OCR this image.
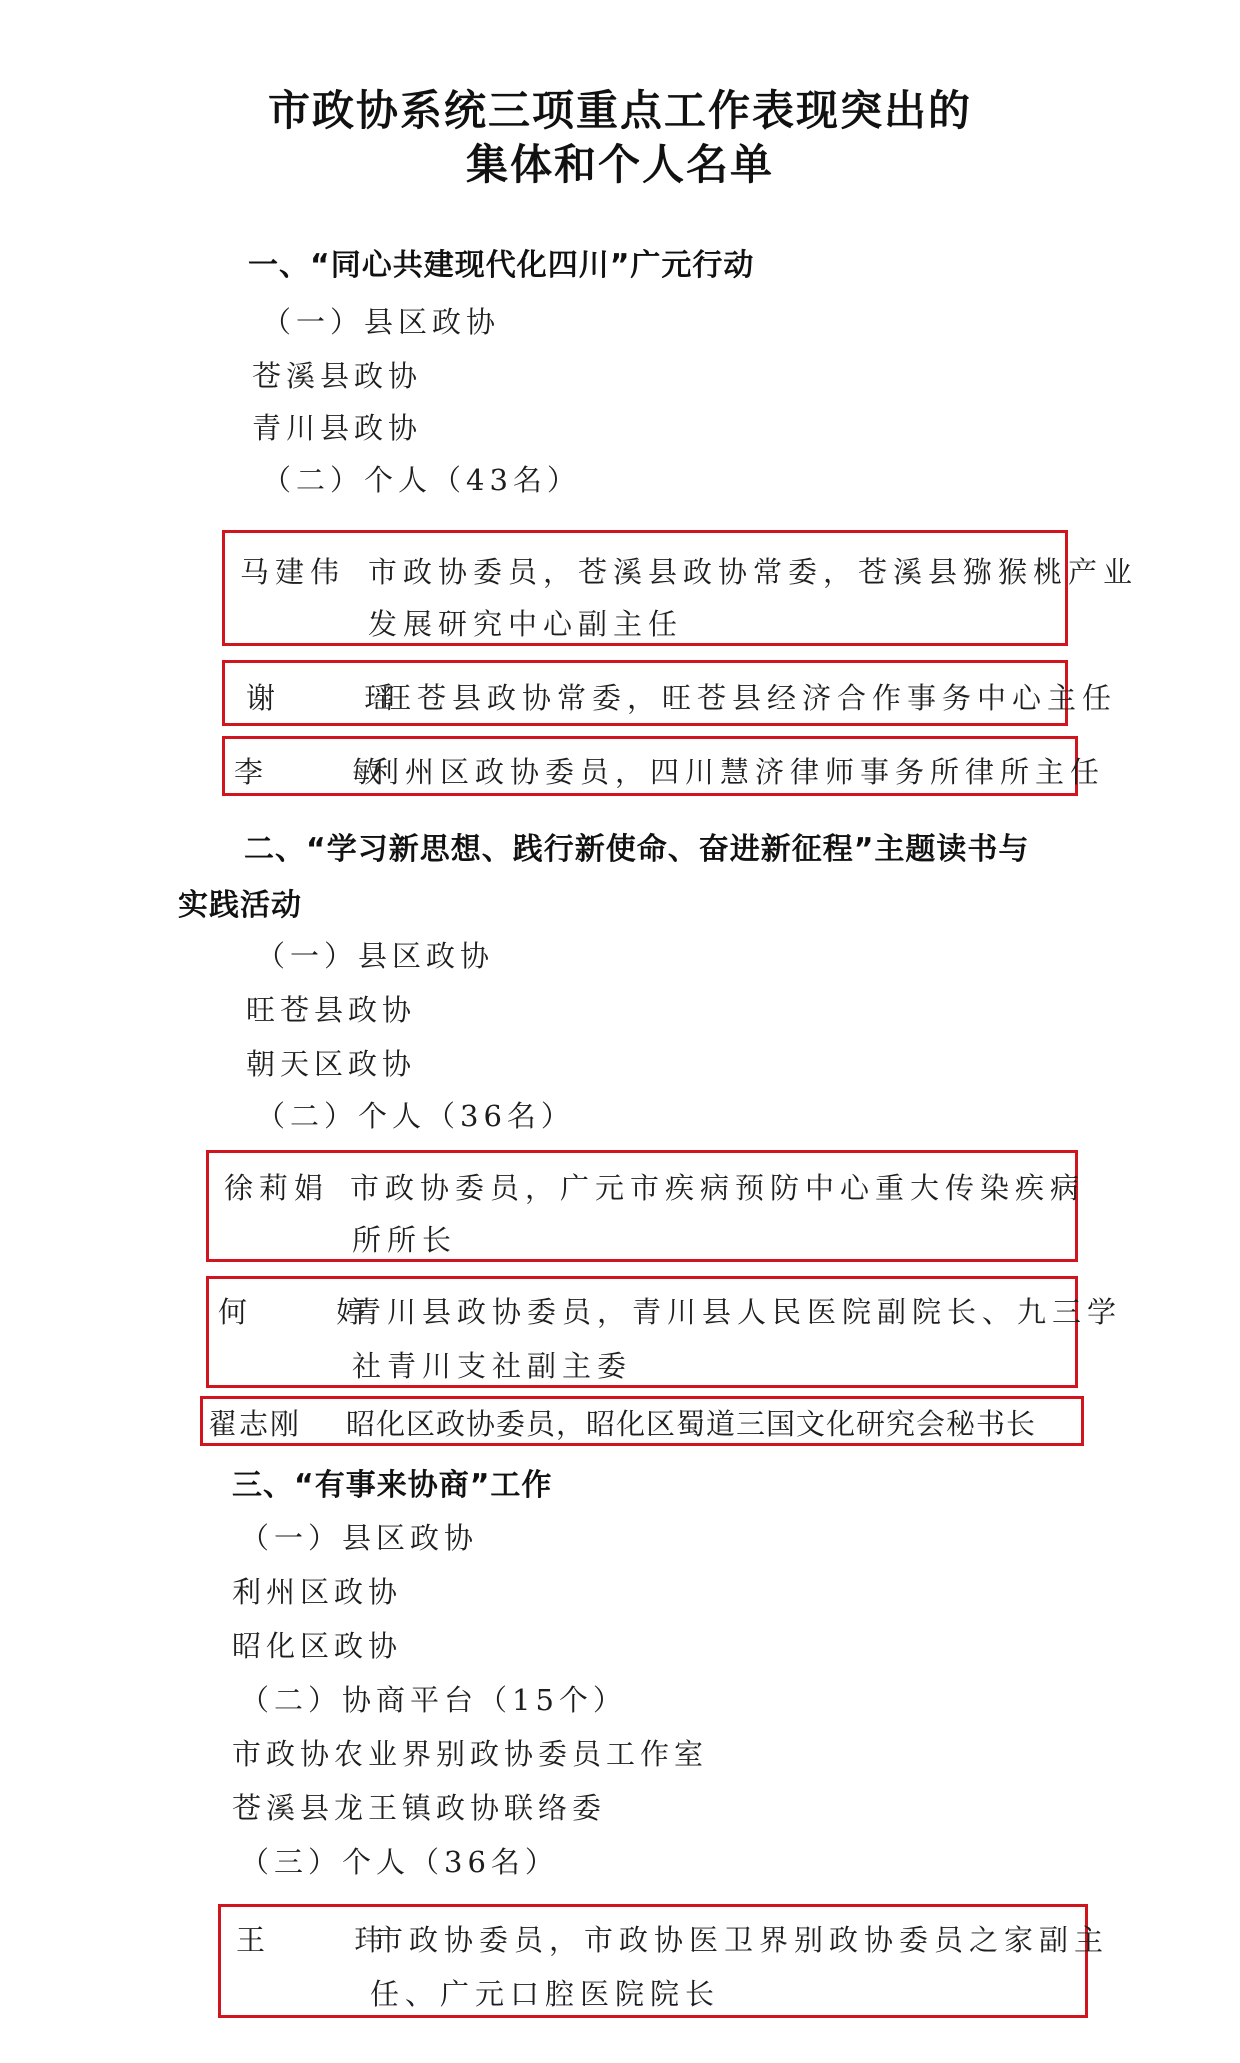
市政协系统三项重点工作表现突出的
集体和个人名单
一、“同心共建现代化四川”广元行动
（一）县区政协
苍溪县政协
青川县政协
（二）个人（43名）
马建伟 市政协委员，苍溪县政协常委，苍溪县猕猴桃产业
发展研究中心副主任
谢 瑶
旺苍县政协常委，旺苍县经济合作事务中心主任
李 敏
利州区政协委员，四川慧济律师事务所律所主任
二、“学习新思想、践行新使命、奋进新征程”主题读书与
实践活动
（一）县区政协
旺苍县政协
朝天区政协
（二）个人（36名）
徐莉娟 市政协委员，广元市疾病预防中心重大传染疾病
所所长
何 婷
青川县政协委员，青川县人民医院副院长、九三学
社青川支社副主委
翟志刚 昭化区政协委员，昭化区蜀道三国文化研究会秘书长
三、“有事来协商”工作
（一）县区政协
利州区政协
昭化区政协
（二）协商平台（15个）
市政协农业界别政协委员工作室
苍溪县龙王镇政协联络委
（三）个人（36名）
王 玮
市政协委员，市政协医卫界别政协委员之家副主
任、广元口腔医院院长
